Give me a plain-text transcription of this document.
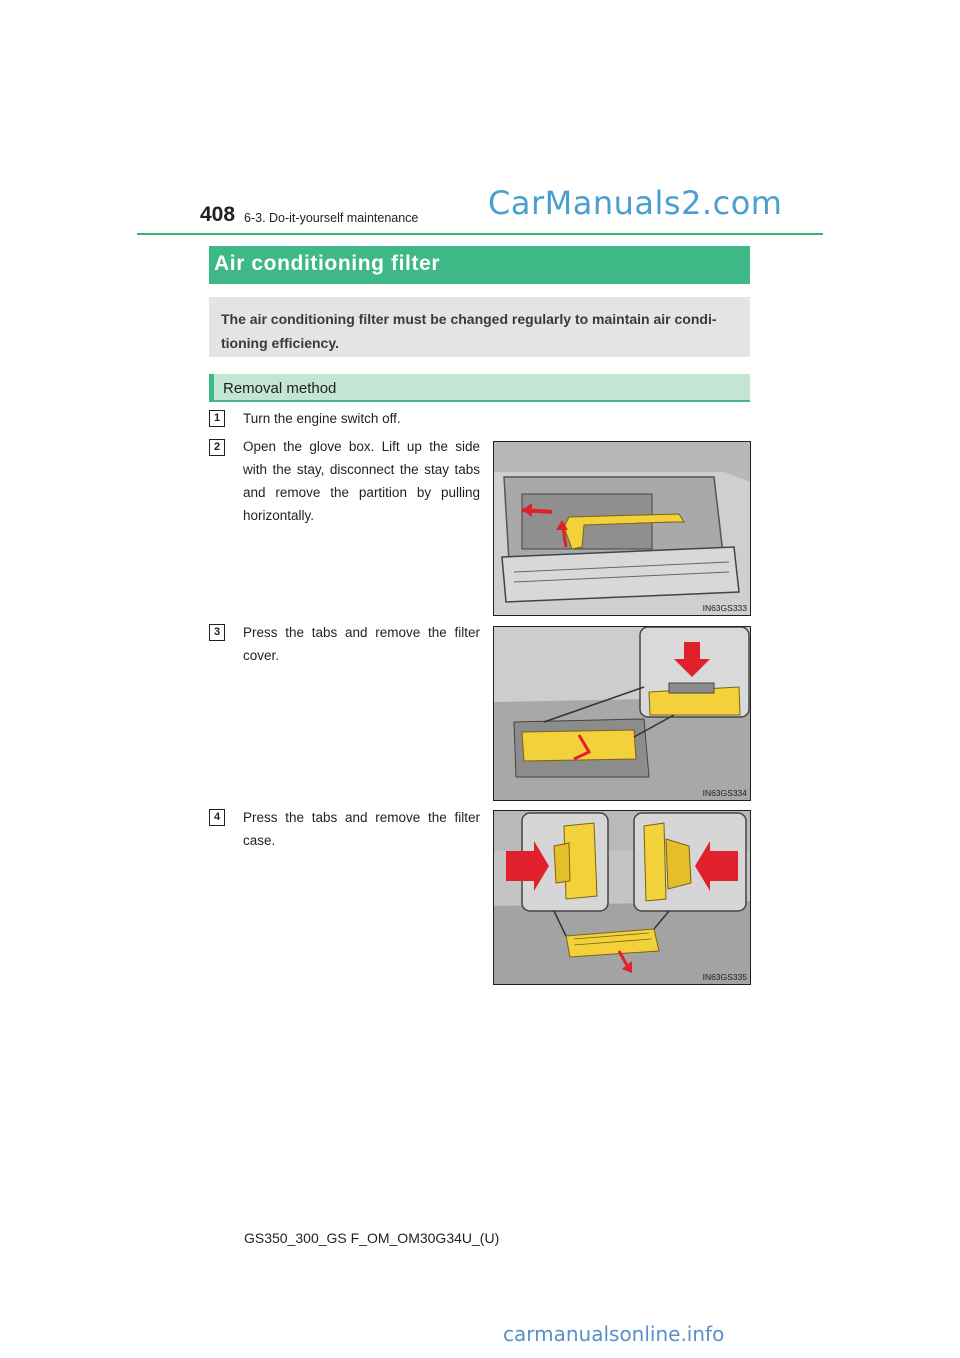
408 6-3. Do-it-yourself maintenance CarManuals2.com
Air conditioning filter
The air conditioning filter must be changed regularly to maintain air condi-tioning efficiency.
Removal method
1	Turn the engine switch off.
2	Open the glove box. Lift up the side with the stay, disconnect the stay tabs and remove the partition by pulling horizontally.
IN63GS333
3	Press the tabs and remove the filter cover.
IN63GS334
4	Press the tabs and remove the filter case.
IN63GS335
GS350_300_GS F_OM_OM30G34U_(U)
carmanualsonline.info
